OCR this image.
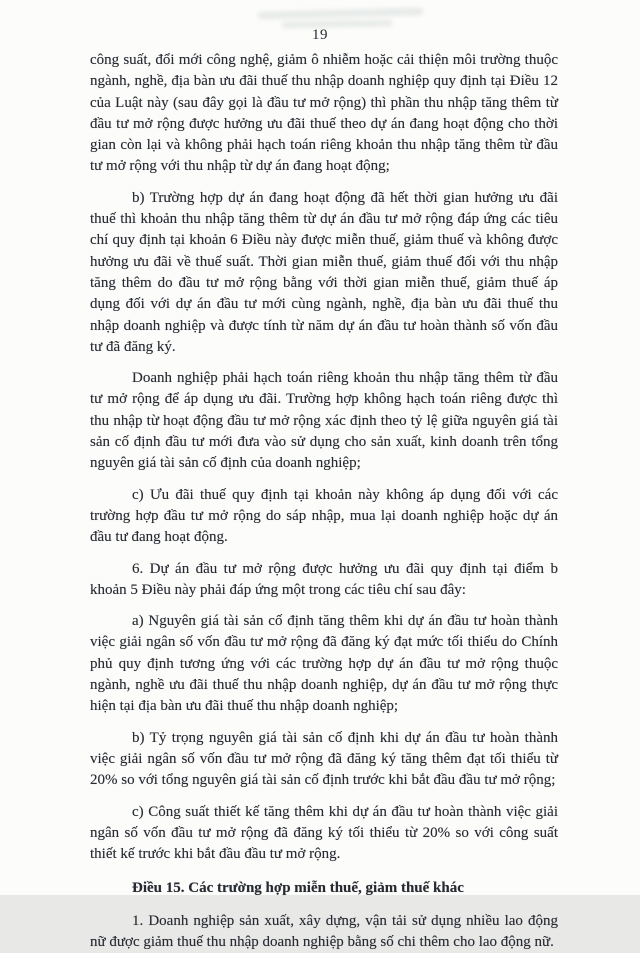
19

công suất, đổi mới công nghệ, giảm ô nhiễm hoặc cải thiện môi trường thuộc ngành, nghề, địa bàn ưu đãi thuế thu nhập doanh nghiệp quy định tại Điều 12 của Luật này (sau đây gọi là đầu tư mở rộng) thì phần thu nhập tăng thêm từ đầu tư mở rộng được hưởng ưu đãi thuế theo dự án đang hoạt động cho thời gian còn lại và không phải hạch toán riêng khoản thu nhập tăng thêm từ đầu tư mở rộng với thu nhập từ dự án đang hoạt động;

b) Trường hợp dự án đang hoạt động đã hết thời gian hưởng ưu đãi thuế thì khoản thu nhập tăng thêm từ dự án đầu tư mở rộng đáp ứng các tiêu chí quy định tại khoản 6 Điều này được miễn thuế, giảm thuế và không được hưởng ưu đãi về thuế suất. Thời gian miễn thuế, giảm thuế đối với thu nhập tăng thêm do đầu tư mở rộng bằng với thời gian miễn thuế, giảm thuế áp dụng đối với dự án đầu tư mới cùng ngành, nghề, địa bàn ưu đãi thuế thu nhập doanh nghiệp và được tính từ năm dự án đầu tư hoàn thành số vốn đầu tư đã đăng ký.

Doanh nghiệp phải hạch toán riêng khoản thu nhập tăng thêm từ đầu tư mở rộng để áp dụng ưu đãi. Trường hợp không hạch toán riêng được thì thu nhập từ hoạt động đầu tư mở rộng xác định theo tỷ lệ giữa nguyên giá tài sản cố định đầu tư mới đưa vào sử dụng cho sản xuất, kinh doanh trên tổng nguyên giá tài sản cố định của doanh nghiệp;

c) Ưu đãi thuế quy định tại khoản này không áp dụng đối với các trường hợp đầu tư mở rộng do sáp nhập, mua lại doanh nghiệp hoặc dự án đầu tư đang hoạt động.

6. Dự án đầu tư mở rộng được hưởng ưu đãi quy định tại điểm b khoản 5 Điều này phải đáp ứng một trong các tiêu chí sau đây:

a) Nguyên giá tài sản cố định tăng thêm khi dự án đầu tư hoàn thành việc giải ngân số vốn đầu tư mở rộng đã đăng ký đạt mức tối thiểu do Chính phủ quy định tương ứng với các trường hợp dự án đầu tư mở rộng thuộc ngành, nghề ưu đãi thuế thu nhập doanh nghiệp, dự án đầu tư mở rộng thực hiện tại địa bàn ưu đãi thuế thu nhập doanh nghiệp;

b) Tỷ trọng nguyên giá tài sản cố định khi dự án đầu tư hoàn thành việc giải ngân số vốn đầu tư mở rộng đã đăng ký tăng thêm đạt tối thiểu từ 20% so với tổng nguyên giá tài sản cố định trước khi bắt đầu đầu tư mở rộng;

c) Công suất thiết kế tăng thêm khi dự án đầu tư hoàn thành việc giải ngân số vốn đầu tư mở rộng đã đăng ký tối thiểu từ 20% so với công suất thiết kế trước khi bắt đầu đầu tư mở rộng.

Điều 15. Các trường hợp miễn thuế, giảm thuế khác

1. Doanh nghiệp sản xuất, xây dựng, vận tải sử dụng nhiều lao động nữ được giảm thuế thu nhập doanh nghiệp bằng số chi thêm cho lao động nữ.
